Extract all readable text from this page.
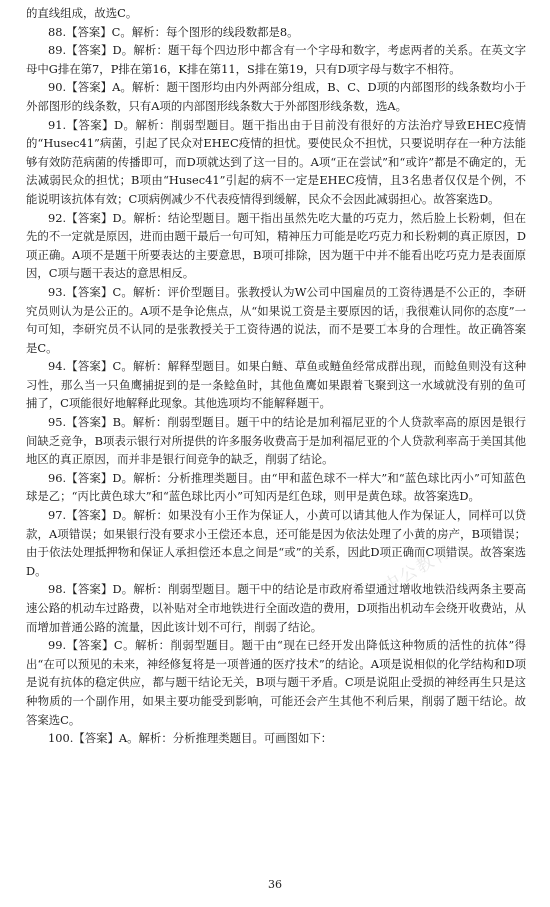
的直线组成，故选C。
88.【答案】C。解析：每个图形的线段数都是8。
89.【答案】D。解析：题干每个四边形中都含有一个字母和数字，考虑两者的关系。在英文字母中G排在第7，P排在第16，K排在第11，S排在第19，只有D项字母与数字不相符。
90.【答案】A。解析：题干图形均由内外两部分组成，B、C、D项的内部图形的线条数均小于外部图形的线条数，只有A项的内部图形线条数大于外部图形线条数，选A。
91.【答案】D。解析：削弱型题目。题干指出由于目前没有很好的方法治疗导致EHEC疫情的“Husec41”病菌，引起了民众对EHEC疫情的担忧。要使民众不担忧，只要说明存在一种方法能够有效防范病菌的传播即可，而D项就达到了这一目的。A项“正在尝试”和“或许”都是不确定的，无法减弱民众的担忧；B项由“Husec41”引起的病不一定是EHEC疫情，且3名患者仅仅是个例，不能说明该抗体有效；C项病例减少不代表疫情得到缓解，民众不会因此减弱担心。故答案选D。
92.【答案】D。解析：结论型题目。题干指出虽然先吃大量的巧克力，然后脸上长粉刺，但在先的不一定就是原因，进而由题干最后一句可知，精神压力可能是吃巧克力和长粉刺的真正原因，D项正确。A项不是题干所要表达的主要意思，B项可排除，因为题干中并不能看出吃巧克力是表面原因，C项与题干表达的意思相反。
93.【答案】C。解析：评价型题目。张教授认为W公司中国雇员的工资待遇是不公正的，李研究员则认为是公正的。A项不是争论焦点，从“如果说工资是主要原因的话，我很难认同你的态度”一句可知，李研究员不认同的是张教授关于工资待遇的说法，而不是要工本身的合理性。故正确答案是C。
94.【答案】C。解析：解释型题目。如果白鲢、草鱼或鲢鱼经常成群出现，而鲶鱼则没有这种习性，那么当一只鱼鹰捕捉到的是一条鲶鱼时，其他鱼鹰如果跟着飞聚到这一水域就没有别的鱼可捕了，C项能很好地解释此现象。其他选项均不能解释题干。
95.【答案】B。解析：削弱型题目。题干中的结论是加利福尼亚的个人贷款率高的原因是银行间缺乏竞争，B项表示银行对所提供的许多服务收费高于是加利福尼亚的个人贷款利率高于美国其他地区的真正原因，而并非是银行间竞争的缺乏，削弱了结论。
96.【答案】D。解析：分析推理类题目。由“甲和蓝色球不一样大”和“蓝色球比丙小”可知蓝色球是乙；“丙比黄色球大”和“蓝色球比丙小”可知丙是红色球，则甲是黄色球。故答案选D。
97.【答案】D。解析：如果没有小王作为保证人，小黄可以请其他人作为保证人，同样可以贷款，A项错误；如果银行没有要求小王偿还本息，还可能是因为依法处理了小黄的房产，B项错误；由于依法处理抵押物和保证人承担偿还本息之间是“或”的关系，因此D项正确而C项错误。故答案选D。
98.【答案】D。解析：削弱型题目。题干中的结论是市政府希望通过增收地铁沿线两条主要高速公路的机动车过路费，以补贴对全市地铁进行全面改造的费用，D项指出机动车会绕开收费站，从而增加普通公路的流量，因此该计划不可行，削弱了结论。
99.【答案】C。解析：削弱型题目。题干由“现在已经开发出降低这种物质的活性的抗体”得出“在可以预见的未来，神经修复将是一项普通的医疗技术”的结论。A项是说相似的化学结构和D项是说有抗体的稳定供应，都与题干结论无关，B项与题干矛盾。C项是说阻止受损的神经再生只是这种物质的一个副作用，如果主要功能受到影响，可能还会产生其他不利后果，削弱了题干结论。故答案选C。
100.【答案】A。解析：分析推理类题目。可画图如下：
中公教育
中公教育
36
